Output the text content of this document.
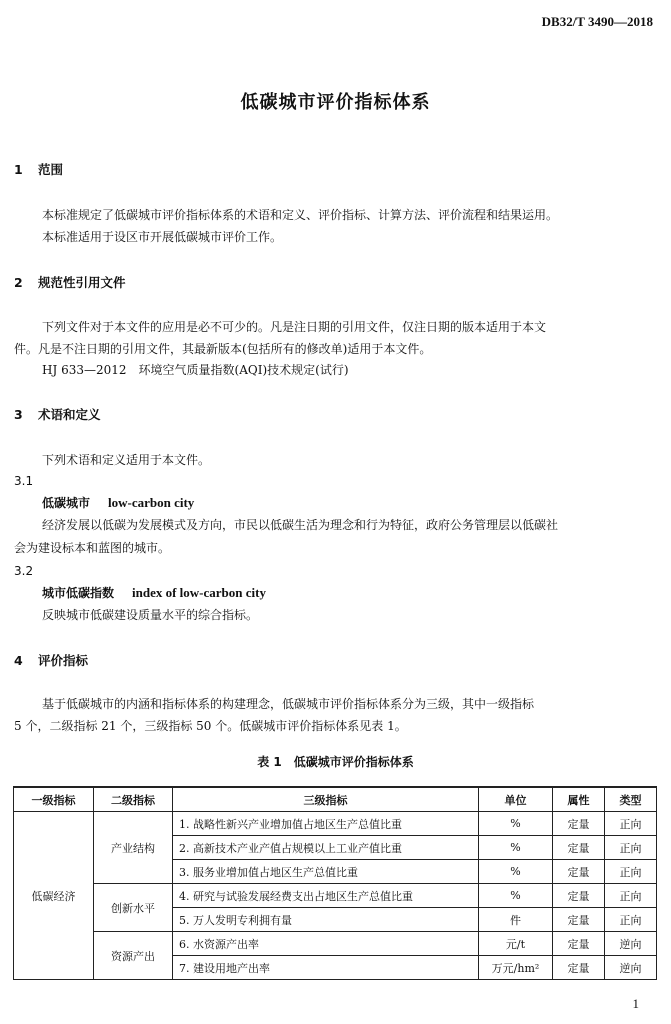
DB32/T 3490—2018
低碳城市评价指标体系
1 范围
本标准规定了低碳城市评价指标体系的术语和定义、评价指标、计算方法、评价流程和结果运用。
本标准适用于设区市开展低碳城市评价工作。
2 规范性引用文件
下列文件对于本文件的应用是必不可少的。凡是注日期的引用文件，仅注日期的版本适用于本文
件。凡是不注日期的引用文件，其最新版本(包括所有的修改单)适用于本文件。
HJ 633—2012　环境空气质量指数(AQI)技术规定(试行)
3 术语和定义
下列术语和定义适用于本文件。
3.1
低碳城市 low-carbon city
经济发展以低碳为发展模式及方向，市民以低碳生活为理念和行为特征，政府公务管理层以低碳社
会为建设标本和蓝图的城市。
3.2
城市低碳指数 index of low-carbon city
反映城市低碳建设质量水平的综合指标。
4 评价指标
基于低碳城市的内涵和指标体系的构建理念，低碳城市评价指标体系分为三级，其中一级指标
5 个，二级指标 21 个，三级指标 50 个。低碳城市评价指标体系见表 1。
表 1　低碳城市评价指标体系
一级指标	二级指标	三级指标	单位	属性	类型
低碳经济	产业结构	1. 战略性新兴产业增加值占地区生产总值比重	%	定量	正向
		2. 高新技术产业产值占规模以上工业产值比重	%	定量	正向
		3. 服务业增加值占地区生产总值比重	%	定量	正向
	创新水平	4. 研究与试验发展经费支出占地区生产总值比重	%	定量	正向
		5. 万人发明专利拥有量	件	定量	正向
	资源产出	6. 水资源产出率	元/t	定量	逆向
		7. 建设用地产出率	万元/hm²	定量	逆向
1
